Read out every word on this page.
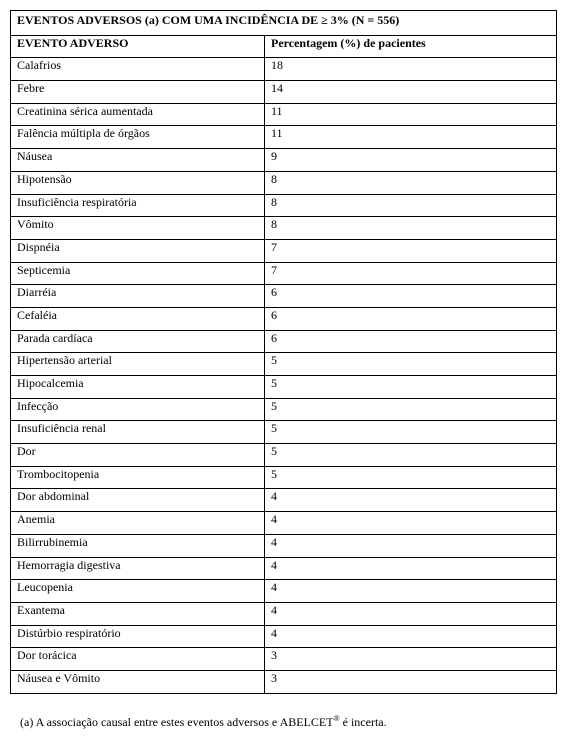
EVENTOS ADVERSOS (a) COM UMA INCIDÊNCIA DE ≥ 3% (N = 556)	
EVENTO ADVERSO	Percentagem (%) de pacientes
Calafrios	18
Febre	14
Creatinina sérica aumentada	11
Falência múltipla de órgãos	11
Náusea	9
Hipotensão	8
Insuficiência respiratória	8
Vômito	8
Dispnéia	7
Septicemia	7
Diarréia	6
Cefaléia	6
Parada cardíaca	6
Hipertensão arterial	5
Hipocalcemia	5
Infecção	5
Insuficiência renal	5
Dor	5
Trombocitopenia	5
Dor abdominal	4
Anemia	4
Bilirrubinemia	4
Hemorragia digestiva	4
Leucopenia	4
Exantema	4
Distúrbio respiratório	4
Dor torácica	3
Náusea e Vômito	3
(a) A associação causal entre estes eventos adversos e ABELCET® é incerta.
